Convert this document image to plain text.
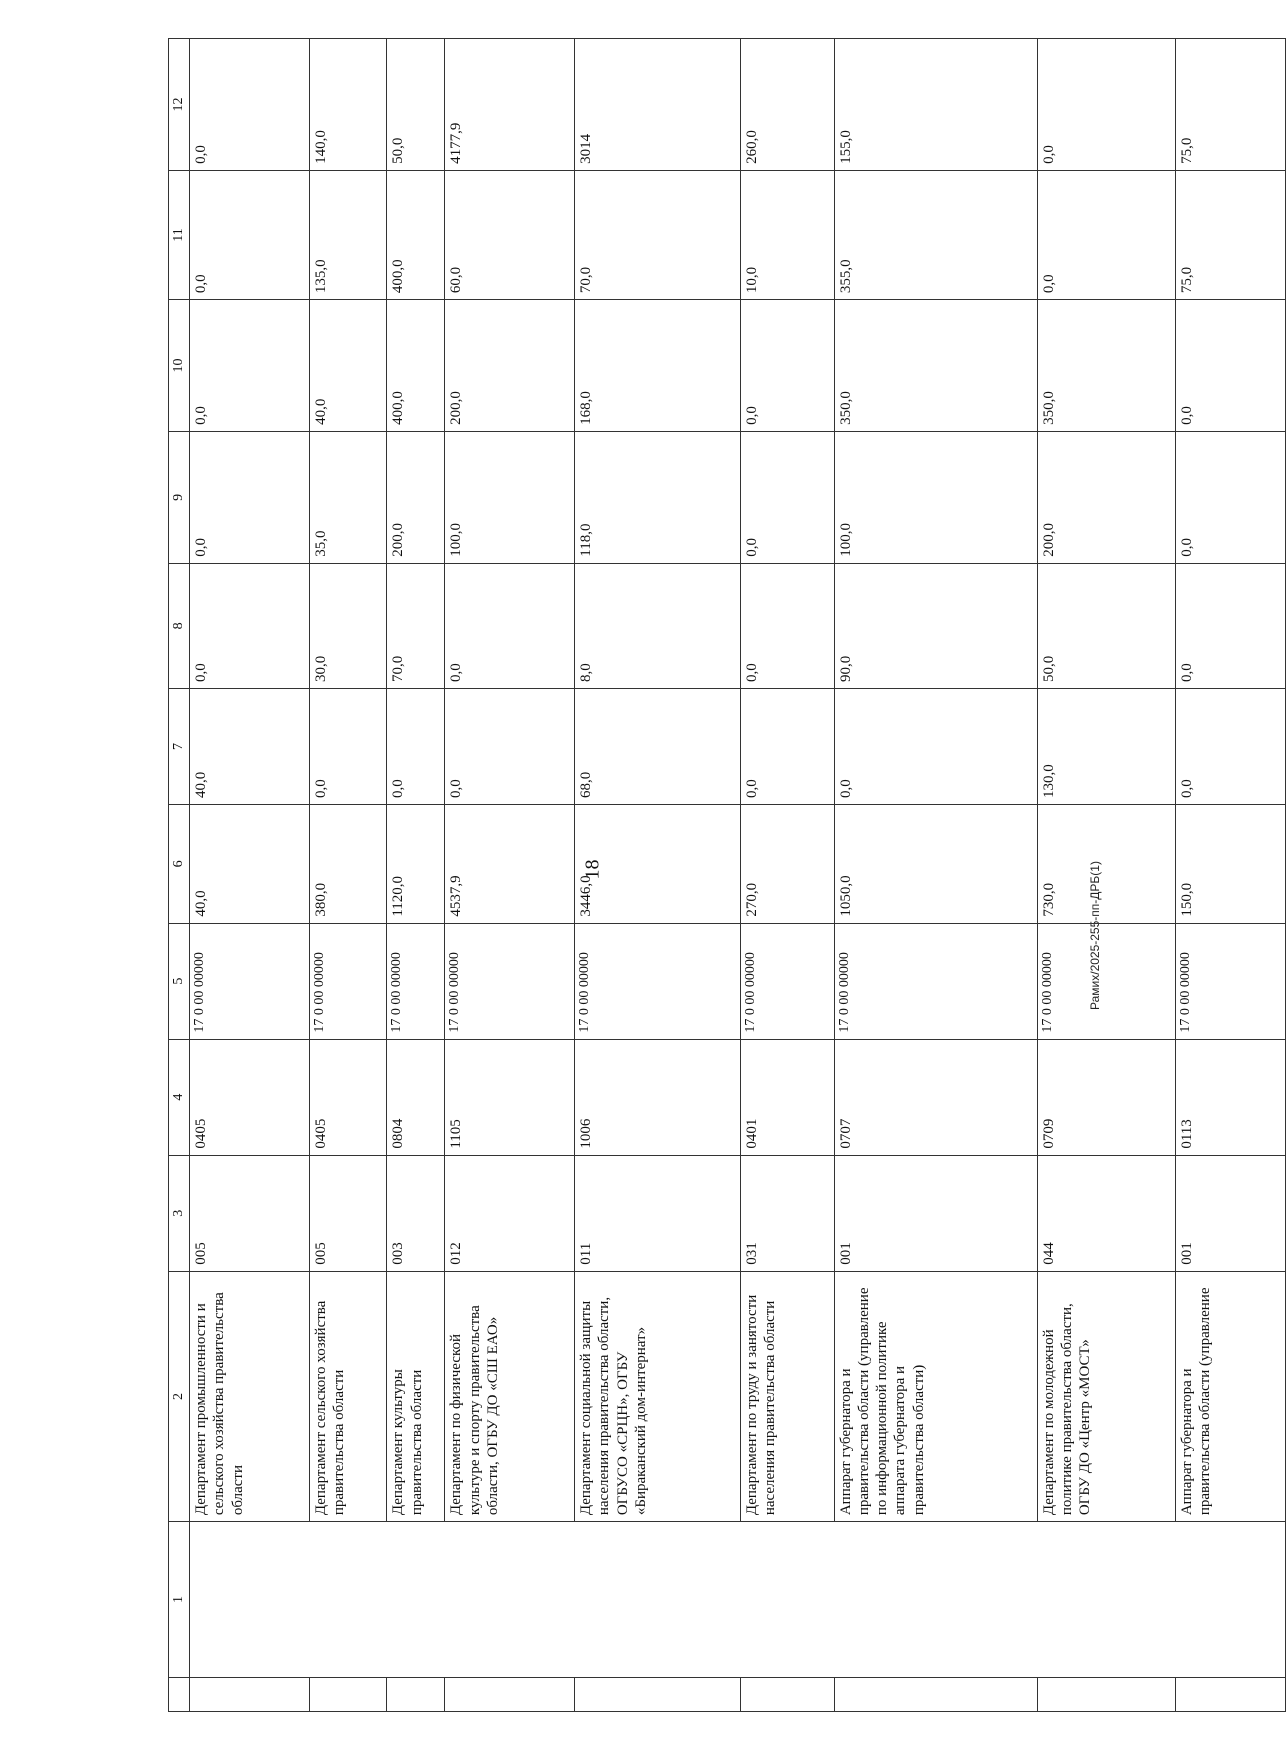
18	Рамих/2025-255-пп-ДРБ(1)
	1	2	3	4	5	6	7	8	9	10	11	12
		Департамент промышленности и сельского хозяйства правительства области	005	0405	17 0 00 00000	40,0	40,0	0,0	0,0	0,0	0,0	0,0
		Департамент сельского хозяйства правительства области	005	0405	17 0 00 00000	380,0	0,0	30,0	35,0	40,0	135,0	140,0
		Департамент культуры правительства области	003	0804	17 0 00 00000	1120,0	0,0	70,0	200,0	400,0	400,0	50,0
		Департамент по физической культуре и спорту правительства области, ОГБУ ДО «СШ ЕАО»	012	1105	17 0 00 00000	4537,9	0,0	0,0	100,0	200,0	60,0	4177,9
		Департамент социальной защиты населения правительства области, ОГБУСО «СРЦН», ОГБУ «Бираканский дом-интернат»	011	1006	17 0 00 00000	3446,0	68,0	8,0	118,0	168,0	70,0	3014
		Департамент по труду и занятости населения правительства области	031	0401	17 0 00 00000	270,0	0,0	0,0	0,0	0,0	10,0	260,0
		Аппарат губернатора и правительства области (управление по информационной политике аппарата губернатора и правительства области)	001	0707	17 0 00 00000	1050,0	0,0	90,0	100,0	350,0	355,0	155,0
		Департамент по молодежной политике правительства области, ОГБУ ДО «Центр «МОСТ»	044	0709	17 0 00 00000	730,0	130,0	50,0	200,0	350,0	0,0	0,0
		Аппарат губернатора и правительства области (управление	001	0113	17 0 00 00000	150,0	0,0	0,0	0,0	0,0	75,0	75,0
